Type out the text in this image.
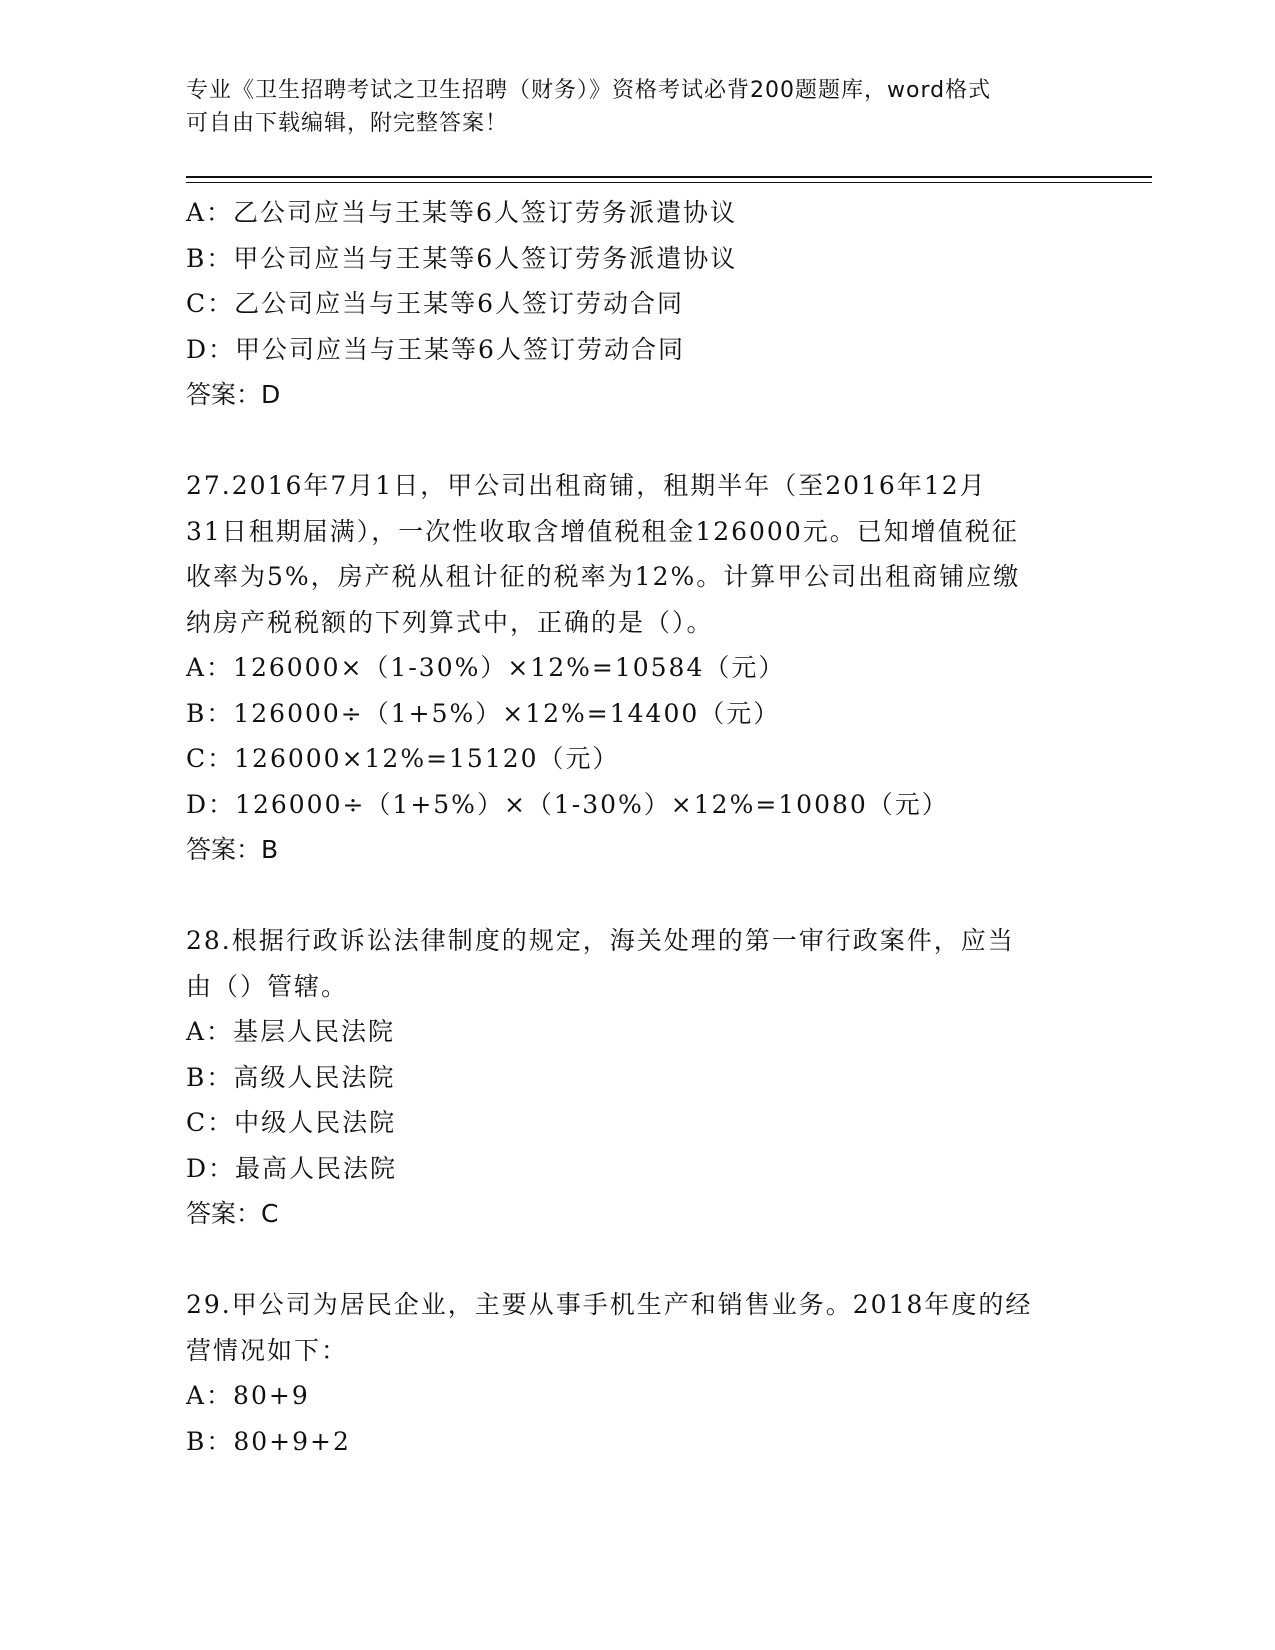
专业《卫生招聘考试之卫生招聘（财务）》资格考试必背200题题库，word格式
可自由下载编辑，附完整答案！
A：乙公司应当与王某等6人签订劳务派遣协议
B：甲公司应当与王某等6人签订劳务派遣协议
C：乙公司应当与王某等6人签订劳动合同
D：甲公司应当与王某等6人签订劳动合同
答案：D
27.2016年7月1日，甲公司出租商铺，租期半年（至2016年12月
31日租期届满），一次性收取含增值税租金126000元。已知增值税征
收率为5%，房产税从租计征的税率为12%。计算甲公司出租商铺应缴
纳房产税税额的下列算式中，正确的是（）。
A：126000×（1-30%）×12%=10584（元）
B：126000÷（1+5%）×12%=14400（元）
C：126000×12%=15120（元）
D：126000÷（1+5%）×（1-30%）×12%=10080（元）
答案：B
28.根据行政诉讼法律制度的规定，海关处理的第一审行政案件，应当
由（）管辖。
A：基层人民法院
B：高级人民法院
C：中级人民法院
D：最高人民法院
答案：C
29.甲公司为居民企业，主要从事手机生产和销售业务。2018年度的经
营情况如下：
A：80+9
B：80+9+2
